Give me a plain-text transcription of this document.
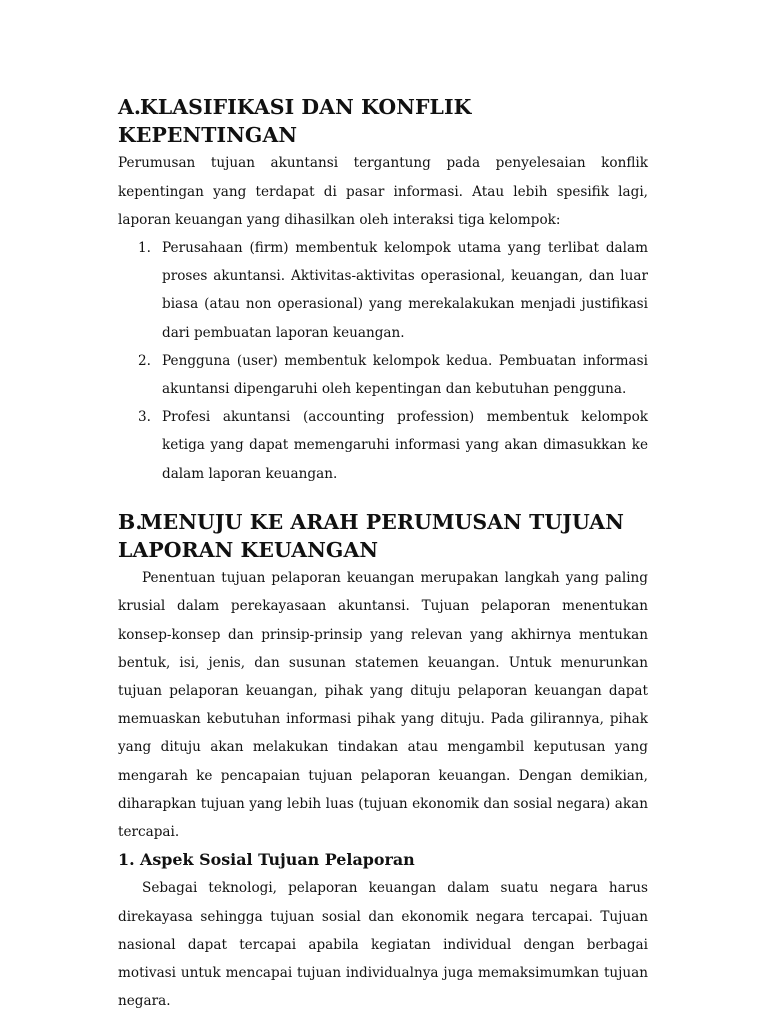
A.KLASIFIKASI DAN KONFLIK KEPENTINGAN

Perumusan tujuan akuntansi tergantung pada penyelesaian konflik kepentingan yang terdapat di pasar informasi. Atau lebih spesifik lagi, laporan keuangan yang dihasilkan oleh interaksi tiga kelompok:

1. Perusahaan (firm) membentuk kelompok utama yang terlibat dalam proses akuntansi. Aktivitas-aktivitas operasional, keuangan, dan luar biasa (atau non operasional) yang merekalakukan menjadi justifikasi dari pembuatan laporan keuangan.
2. Pengguna (user) membentuk kelompok kedua. Pembuatan informasi akuntansi dipengaruhi oleh kepentingan dan kebutuhan pengguna.
3. Profesi akuntansi (accounting profession) membentuk kelompok ketiga yang dapat memengaruhi informasi yang akan dimasukkan ke dalam laporan keuangan.
B.MENUJU KE ARAH PERUMUSAN TUJUAN LAPORAN KEUANGAN

Penentuan tujuan pelaporan keuangan merupakan langkah yang paling krusial dalam perekayasaan akuntansi. Tujuan pelaporan menentukan konsep-konsep dan prinsip-prinsip yang relevan yang akhirnya mentukan bentuk, isi, jenis, dan susunan statemen keuangan. Untuk menurunkan tujuan pelaporan keuangan, pihak yang dituju pelaporan keuangan dapat memuaskan kebutuhan informasi pihak yang dituju. Pada gilirannya, pihak yang dituju akan melakukan tindakan atau mengambil keputusan yang mengarah ke pencapaian tujuan pelaporan keuangan. Dengan demikian, diharapkan tujuan yang lebih luas (tujuan ekonomik dan sosial negara) akan tercapai.

1. Aspek Sosial Tujuan Pelaporan

Sebagai teknologi, pelaporan keuangan dalam suatu negara harus direkayasa sehingga tujuan sosial dan ekonomik negara tercapai. Tujuan nasional dapat tercapai apabila kegiatan individual dengan berbagai motivasi untuk mencapai tujuan individualnya juga memaksimumkan tujuan negara.
